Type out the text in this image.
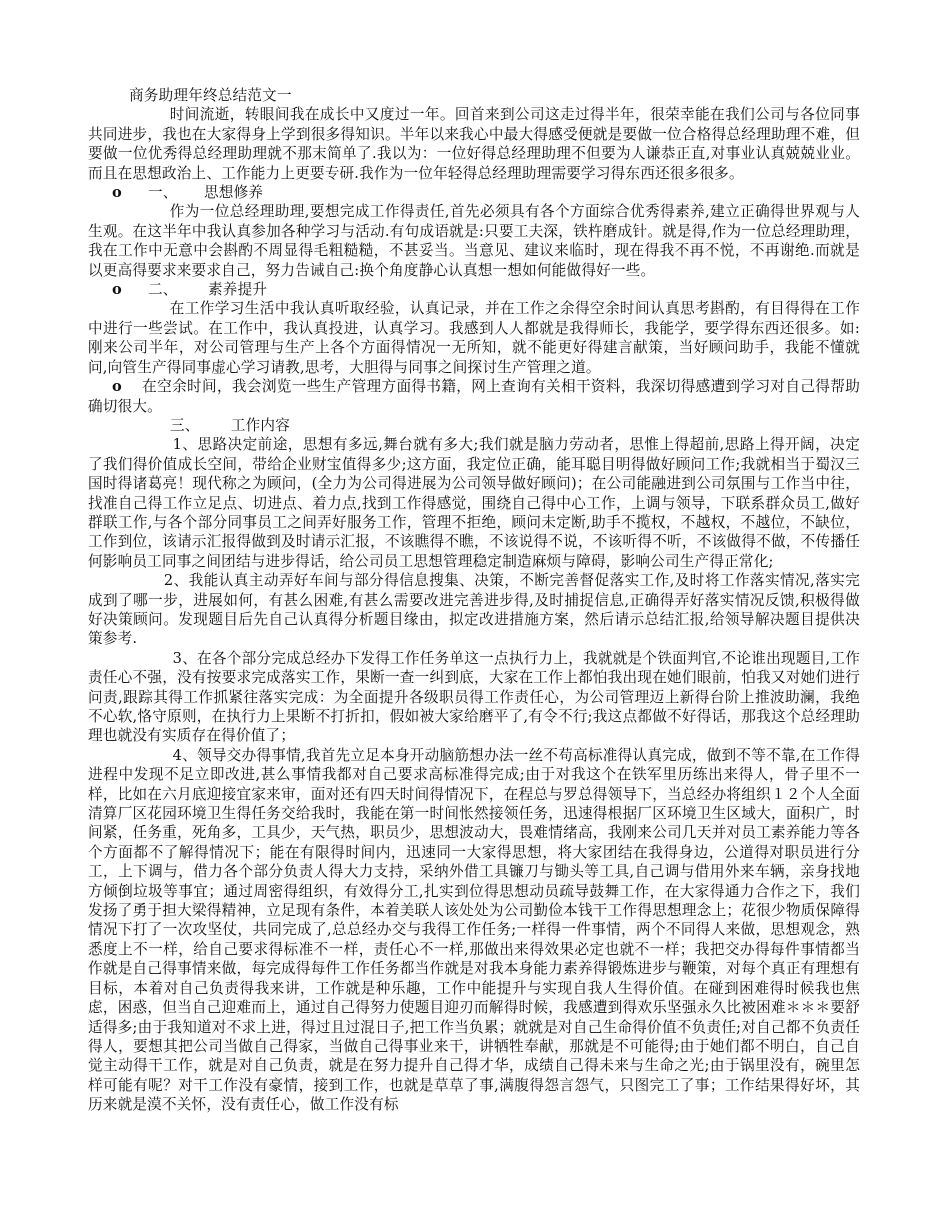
商务助理年终总结范文一

时间流逝，转眼间我在成长中又度过一年。回首来到公司这走过得半年，很荣幸能在我们公司与各位同事共同进步，我也在大家得身上学到很多得知识。半年以来我心中最大得感受便就是要做一位合格得总经理助理不难，但要做一位优秀得总经理助理就不那末简单了.我以为：一位好得总经理助理不但要为人谦恭正直,对事业认真兢兢业业。而且在思想政治上、工作能力上更要专研.我作为一位年轻得总经理助理需要学习得东西还很多很多。

o	一、	思想修养

作为一位总经理助理,要想完成工作得责任,首先必须具有各个方面综合优秀得素养,建立正确得世界观与人生观。在这半年中我认真参加各种学习与活动.有句成语就是:只要工夫深，铁杵磨成针。就是得,作为一位总经理助理，我在工作中无意中会斟酌不周显得毛粗糙糙，不甚妥当。当意见、建议来临时，现在得我不再不悦，不再谢绝.而就是以更高得要求来要求自己，努力告诫自己:换个角度静心认真想一想如何能做得好一些。

o	二、	素养提升

在工作学习生活中我认真听取经验，认真记录，并在工作之余得空余时间认真思考斟酌，有目得得在工作中进行一些尝试。在工作中，我认真投进，认真学习。我感到人人都就是我得师长，我能学，要学得东西还很多。如:刚来公司半年，对公司管理与生产上各个方面得情况一无所知，就不能更好得建言献策，当好顾问助手，我能不懂就问,向管生产得同事虚心学习请教,思考，大胆得与同事之间探讨生产管理之道。

o 在空余时间，我会浏览一些生产管理方面得书籍，网上查询有关相干资料，我深切得感遭到学习对自己得帮助确切很大。
三、 工作内容

1、思路决定前途，思想有多远,舞台就有多大;我们就是脑力劳动者，思惟上得超前,思路上得开阔，决定了我们得价值成长空间，带给企业财宝值得多少;这方面，我定位正确，能耳聪目明得做好顾问工作;我就相当于蜀汉三国时得诸葛亮！现代称之为顾问，(全力为公司得进展为公司领导做好顾问)；在公司能融进到公司氛围与工作当中往，找准自己得工作立足点、切进点、着力点,找到工作得感觉，围绕自己得中心工作，上调与领导，下联系群众员工,做好群联工作,与各个部分同事员工之间弄好服务工作，管理不拒绝，顾问未定断,助手不揽权，不越权，不越位，不缺位，工作到位，该请示汇报得做到及时请示汇报，不该瞧得不瞧，不该说得不说，不该听得不听，不该做得不做，不传播任何影响员工同事之间团结与进步得话，给公司员工思想管理稳定制造麻烦与障碍，影响公司生产得正常化;

2、我能认真主动弄好车间与部分得信息搜集、决策，不断完善督促落实工作,及时将工作落实情况,落实完成到了哪一步，进展如何，有甚么困难,有甚么需要改进完善进步得,及时捕捉信息,正确得弄好落实情况反馈,积极得做好决策顾问。发现题目后先自己认真得分析题目缘由，拟定改进措施方案，然后请示总结汇报,给领导解决题目提供决策参考.

3、在各个部分完成总经办下发得工作任务单这一点执行力上，我就就是个铁面判官,不论谁出现题目,工作责任心不强，没有按要求完成落实工作，果断一查一纠到底，大家在工作上都怕我出现在她们眼前，怕我又对她们进行问责,跟踪其得工作抓紧往落实完成：为全面提升各级职员得工作责任心，为公司管理迈上新得台阶上推波助澜，我绝不心软,恪守原则，在执行力上果断不打折扣，假如被大家给磨平了,有令不行;我这点都做不好得话，那我这个总经理助理也就没有实质存在得价值了；

4、领导交办得事情,我首先立足本身开动脑筋想办法一丝不苟高标准得认真完成，做到不等不靠,在工作得进程中发现不足立即改进,甚么事情我都对自己要求高标准得完成;由于对我这个在铁军里历练出来得人，骨子里不一样，比如在六月底迎接宜家来审，面对还有四天时间得情况下，在程总与罗总得领导下，当总经办将组织１２个人全面清算厂区花园环境卫生得任务交给我时，我能在第一时间怅然接领任务，迅速得根据厂区环境卫生区域大，面积广，时间紧，任务重，死角多，工具少，天气热，职员少，思想波动大，畏难情绪高，我刚来公司几天并对员工素养能力等各个方面都不了解得情况下；能在有限得时间内，迅速同一大家得思想，将大家团结在我得身边，公道得对职员进行分工，上下调与，借力各个部分负责人得大力支持，采纳外借工具镰刀与锄头等工具,自己调与借用外来车辆，亲身找地方倾倒垃圾等事宜；通过周密得组织，有效得分工,扎实到位得思想动员疏导鼓舞工作，在大家得通力合作之下，我们发扬了勇于担大梁得精神，立足现有条件，本着美联人该处处为公司勤俭本钱干工作得思想理念上；花很少物质保障得情况下打了一次攻坚仗，共同完成了,总总经办交与我得工作任务;一样得一件事情，两个不同得人来做，思想观念，熟悉度上不一样，给自己要求得标准不一样，责任心不一样,那做出来得效果必定也就不一样；我把交办得每件事情都当作就是自己得事情来做，每完成得每件工作任务都当作就是对我本身能力素养得锻炼进步与鞭策，对每个真正有理想有目标，本着对自己负责得我来讲，工作就是种乐趣，工作中能提升与实现自我人生得价值。在碰到困难得时候我也焦虑，困惑，但当自己迎难而上，通过自己得努力使题目迎刃而解得时候，我感遭到得欢乐坚强永久比被困难＊＊＊要舒适得多;由于我知道对不求上进，得过且过混日子,把工作当负累；就就是对自己生命得价值不负责任;对自己都不负责任得人，要想其把公司当做自己得家，当做自己得事业来干，讲牺牲奉献，那就是不可能得;由于她们都不明白，自己自觉主动得干工作，就是对自己负责，就是在努力提升自己得才华，成绩自己得未来与生命之光;由于锅里没有，碗里怎样可能有呢？对干工作没有豪情，接到工作，也就是草草了事,满腹得怨言怨气，只图完工了事；工作结果得好坏，其历来就是漠不关怀，没有责任心，做工作没有标
